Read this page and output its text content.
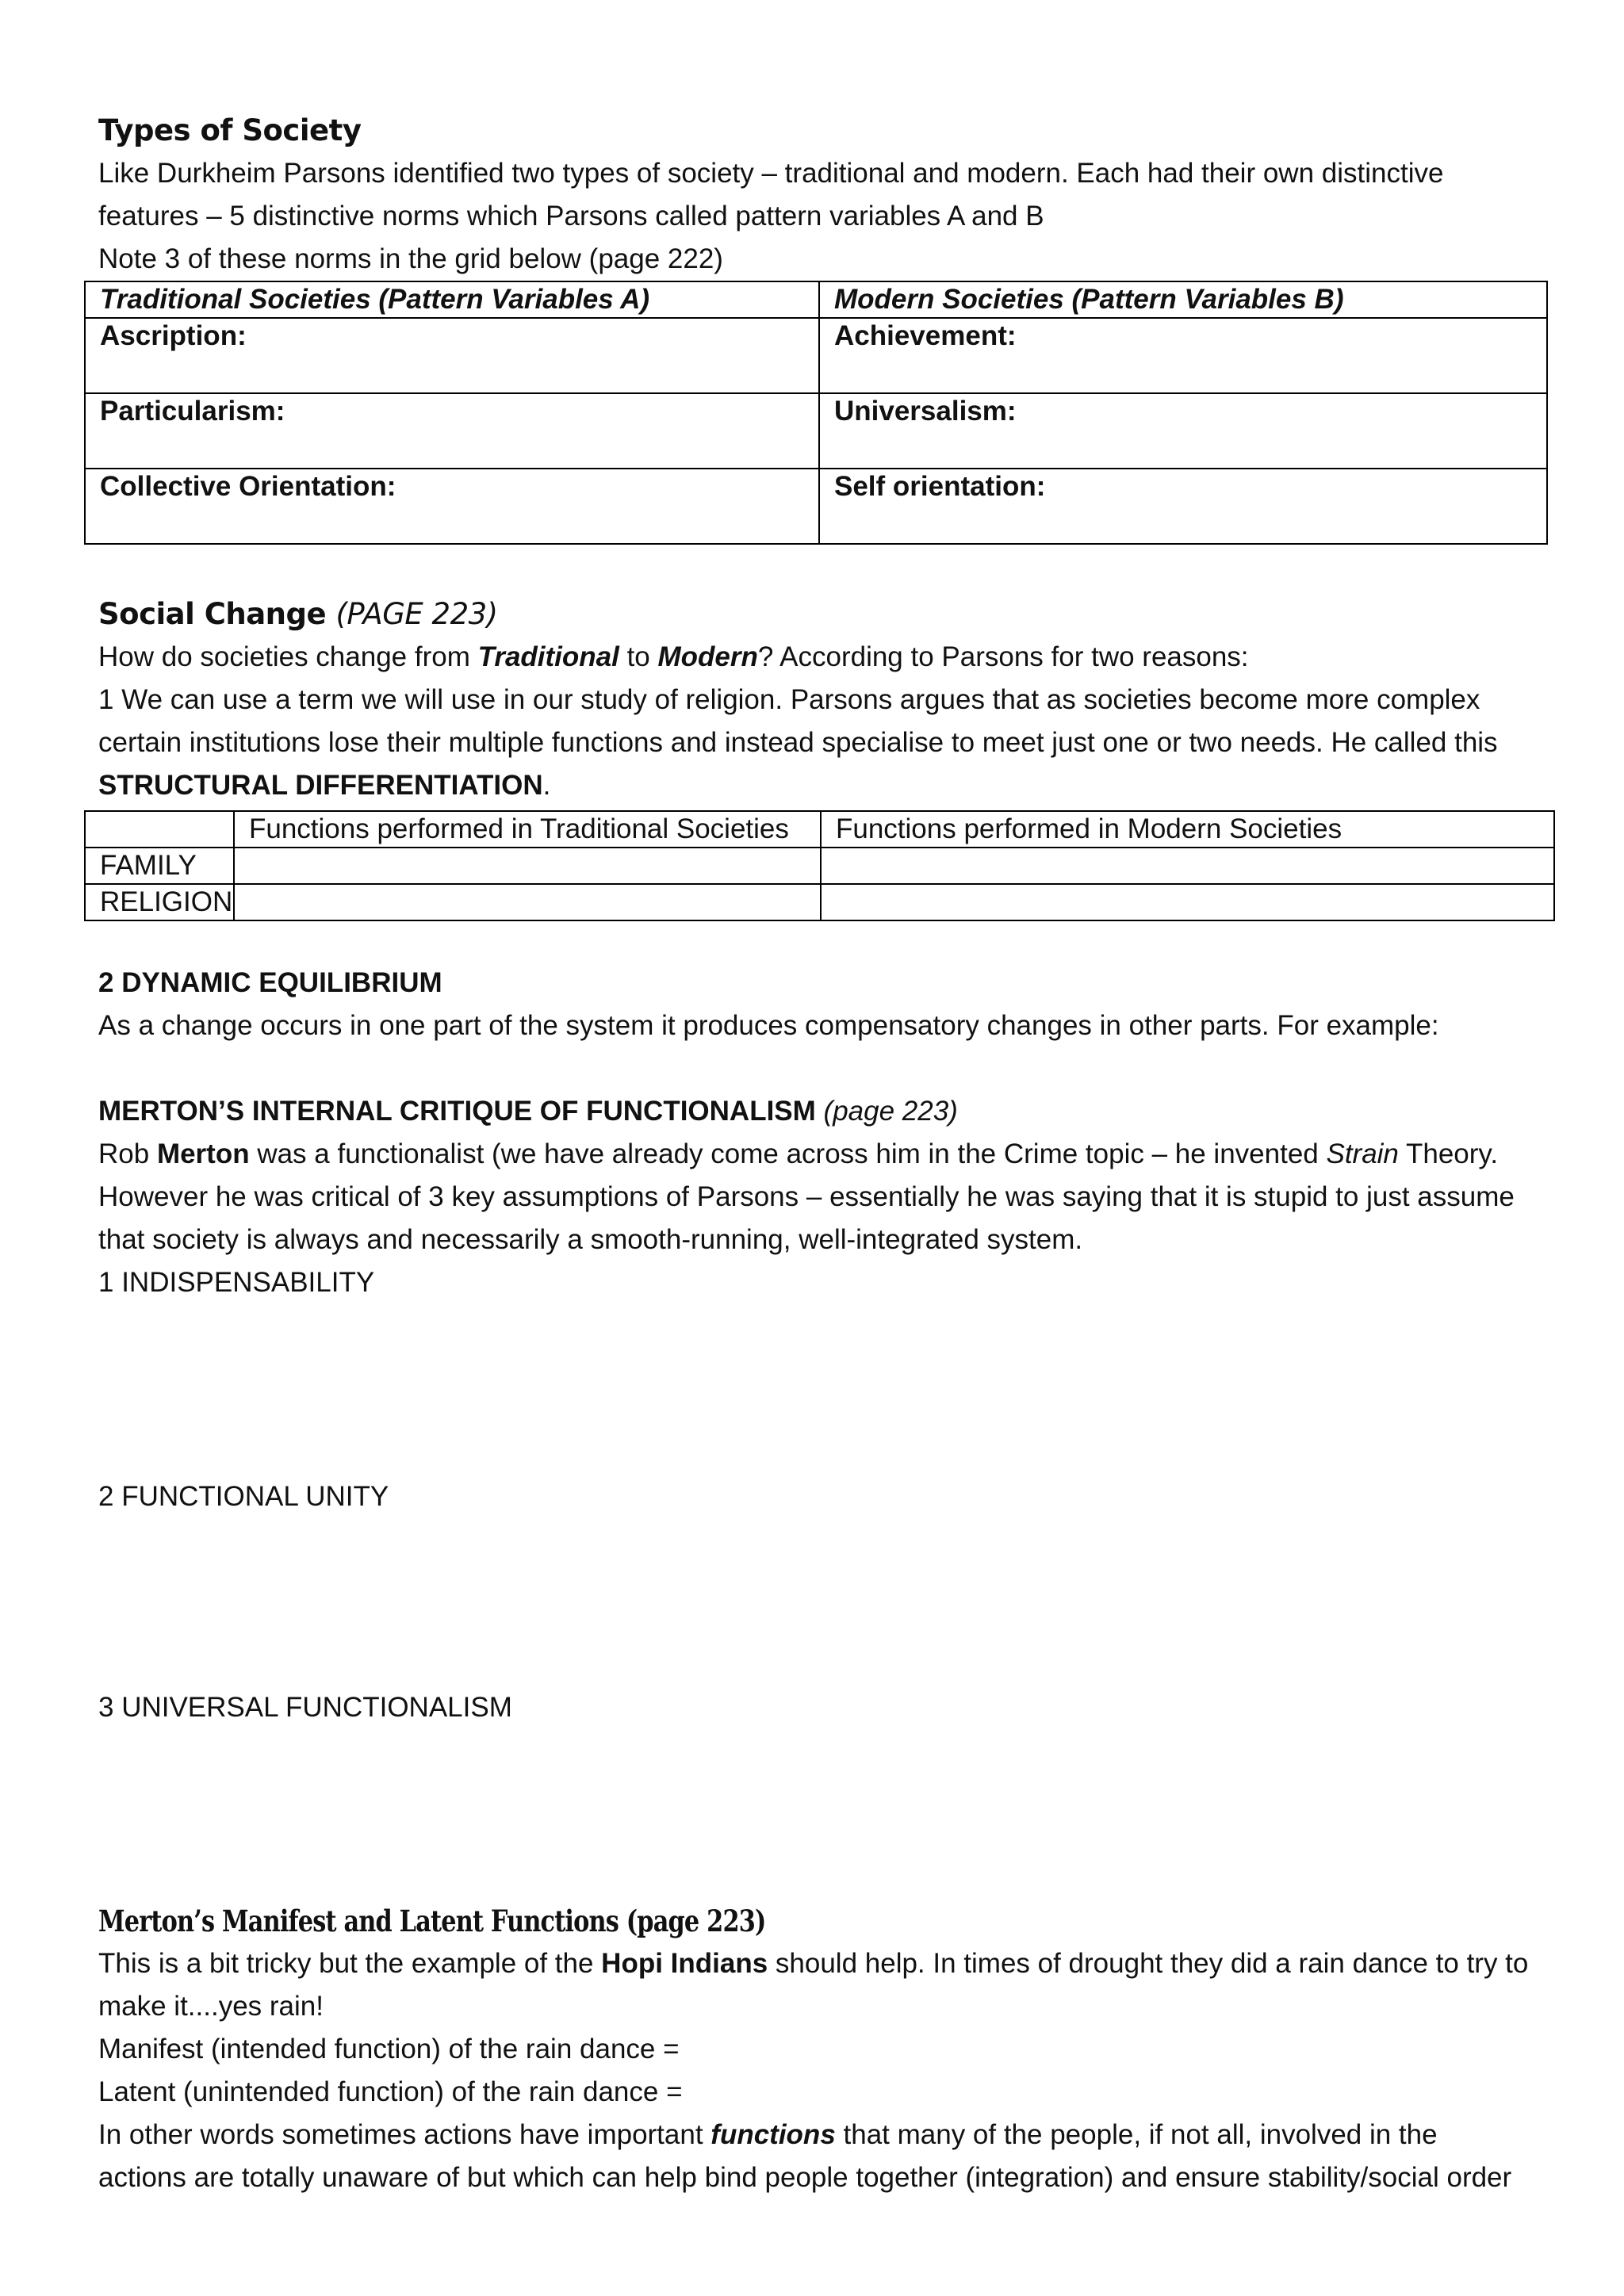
Types of Society

Like Durkheim Parsons identified two types of society – traditional and modern. Each had their own distinctive

features – 5 distinctive norms which Parsons called pattern variables A and B

Note 3 of these norms in the grid below (page 222)

Traditional Societies (Pattern Variables A)	Modern Societies (Pattern Variables B)
Ascription:	Achievement:
Particularism:	Universalism:
Collective Orientation:	Self orientation:
Social Change (PAGE 223)

How do societies change from Traditional to Modern? According to Parsons for two reasons:

1 We can use a term we will use in our study of religion. Parsons argues that as societies become more complex

certain institutions lose their multiple functions and instead specialise to meet just one or two needs. He called this

STRUCTURAL DIFFERENTIATION.

	Functions performed in Traditional Societies	Functions performed in Modern Societies
FAMILY		
RELIGION		

2 DYNAMIC EQUILIBRIUM

As a change occurs in one part of the system it produces compensatory changes in other parts. For example:

MERTON’S INTERNAL CRITIQUE OF FUNCTIONALISM (page 223)

Rob Merton was a functionalist (we have already come across him in the Crime topic – he invented Strain Theory.

However he was critical of 3 key assumptions of Parsons – essentially he was saying that it is stupid to just assume

that society is always and necessarily a smooth-running, well-integrated system.

1 INDISPENSABILITY

2 FUNCTIONAL UNITY

3 UNIVERSAL FUNCTIONALISM

Merton’s Manifest and Latent Functions (page 223)

This is a bit tricky but the example of the Hopi Indians should help. In times of drought they did a rain dance to try to

make it....yes rain!

Manifest (intended function) of the rain dance =

Latent (unintended function) of the rain dance =

In other words sometimes actions have important functions that many of the people, if not all, involved in the

actions are totally unaware of but which can help bind people together (integration) and ensure stability/social order
